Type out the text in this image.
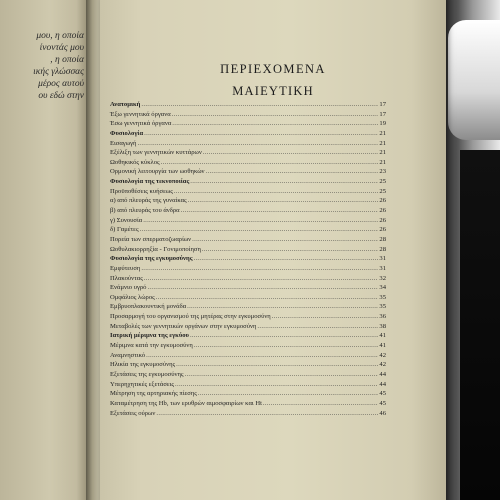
μου, η οποία
ίνοντάς μου
, η οποία
ικής γλώσσας
μέρος αυτού
ου εδώ στην
ΠΕΡΙΕΧΟΜΕΝΑ
ΜΑΙΕΥΤΙΚΗ
Ανατομική .....	17
Έξω γεννητικά όργανα .....	17
Έσω γεννητικά όργανα .....	19
Φυσιολογία .....	21
Εισαγωγή .....	21
Εξέλιξη των γεννητικών κυττάρων .....	21
Ωοθηκικός κύκλος .....	21
Ορμονική λειτουργία των ωοθηκών .....	23
Φυσιολογία της τεκνοποιίας .....	25
Προϋποθέσεις κυήσεως .....	25
α) από πλευράς της γυναίκας .....	26
β) από πλευράς του άνδρα .....	26
γ) Συνουσία .....	26
δ) Γαμέτες .....	26
Πορεία των σπερματοζωαρίων .....	28
Ωοθυλακιορρηξία - Γονιμοποίηση .....	28
Φυσιολογία της εγκυμοσύνης .....	31
Εμφύτευση .....	31
Πλακούντας .....	32
Ενάμνιο υγρό .....	34
Ομφάλιος λώρος .....	35
Εμβρυοπλακουντική μονάδα .....	35
Προσαρμογή του οργανισμού της μητέρας στην εγκυμοσύνη .....	36
Μεταβολές των γεννητικών οργάνων στην εγκυμοσύνη .....	38
Ιατρική μέριμνα της εγκύου .....	41
Μέριμνα κατά την εγκυμοσύνη .....	41
Αναμνηστικό .....	42
Ηλικία της εγκυμοσύνης .....	42
Εξετάσεις της εγκυμοσύνης .....	44
Υπερηχητικές εξετάσεις .....	44
Μέτρηση της αρτηριακής πίεσης .....	45
Καταμέτρηση της Hb, των ερυθρών αιμοσφαιρίων και Ht .....	45
Εξετάσεις ούρων .....	46
